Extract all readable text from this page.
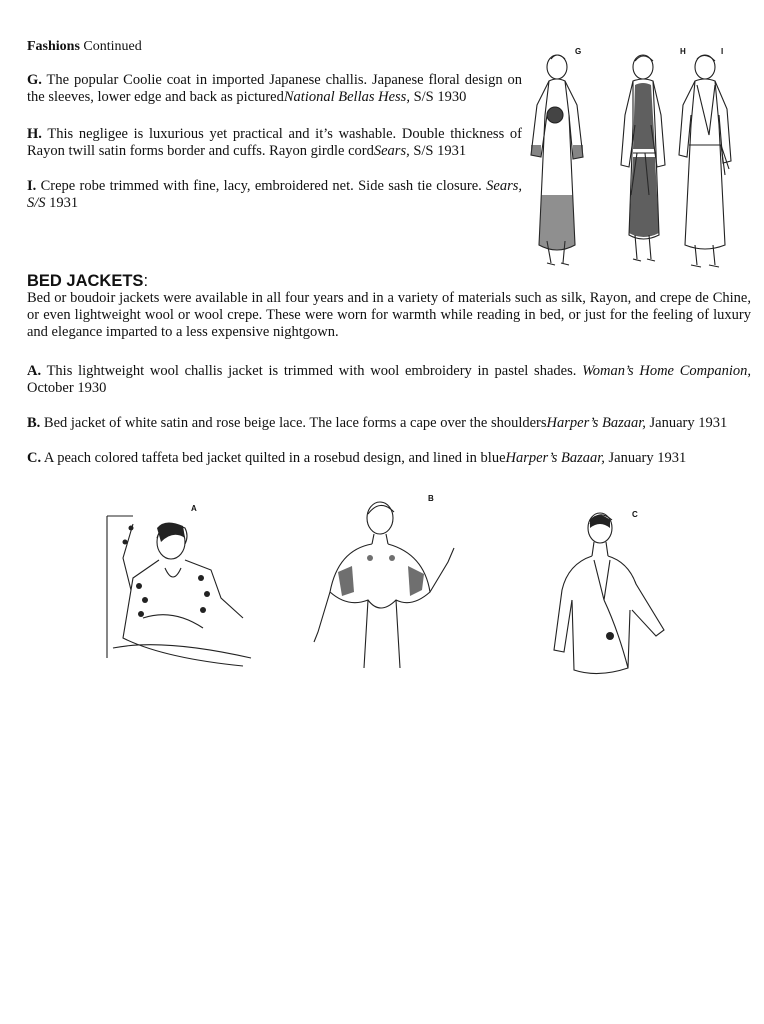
Fashions Continued

G. The popular Coolie coat in imported Japanese challis. Japanese floral design on the sleeves, lower edge and back as picturedNational Bellas Hess, S/S 1930

H. This negligee is luxurious yet practical and it’s washable. Double thickness of Rayon twill satin forms border and cuffs. Rayon girdle cordSears, S/S 1931

I. Crepe robe trimmed with fine, lacy, embroidered net. Side sash tie closure. Sears, S/S 1931

G	H	I

BED JACKETS:

Bed or boudoir jackets were available in all four years and in a variety of materials such as silk, Rayon, and crepe de Chine, or even lightweight wool or wool crepe. These were worn for warmth while reading in bed, or just for the feeling of luxury and elegance imparted to a less expensive nightgown.

A. This lightweight wool challis jacket is trimmed with wool embroidery in pastel shades. Woman’s Home Companion, October 1930

B. Bed jacket of white satin and rose beige lace. The lace forms a cape over the shouldersHarper’s Bazaar, January 1931

C. A peach colored taffeta bed jacket quilted in a rosebud design, and lined in blueHarper’s Bazaar, January 1931

A
B
C
